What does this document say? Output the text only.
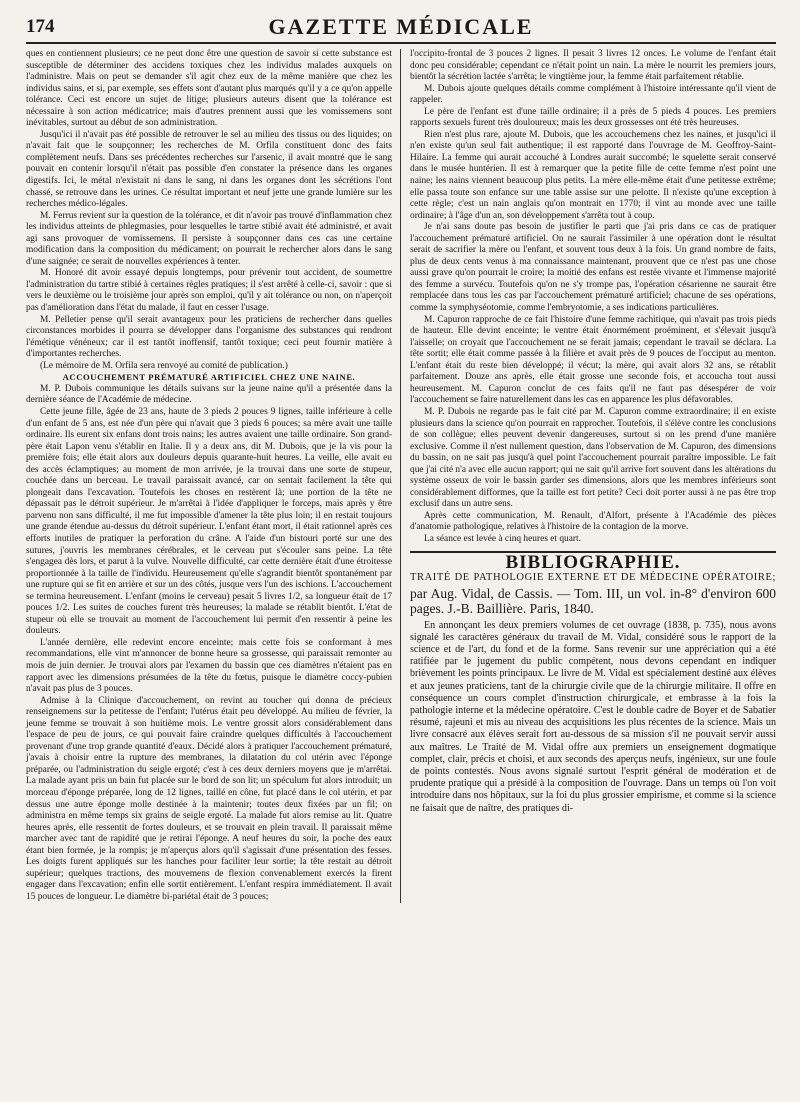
174	GAZETTE MÉDICALE

ques en contiennent plusieurs; ce ne peut donc être une question de savoir si cette substance est susceptible de déterminer des accidens toxiques chez les individus malades auxquels on l'administre. Mais on peut se demander s'il agit chez eux de la même manière que chez les individus sains, et si, par exemple, ses effets sont d'autant plus marqués qu'il y a ce qu'on appelle tolérance. Ceci est encore un sujet de litige; plusieurs auteurs disent que la tolérance est nécessaire à son action médicatrice; mais d'autres prennent aussi que les vomissemens sont inévitables, surtout au début de son administration.

Jusqu'ici il n'avait pas été possible de retrouver le sel au milieu des tissus ou des liquides; on n'avait fait que le soupçonner; les recherches de M. Orfila constituent donc des faits complètement neufs. Dans ses précédentes recherches sur l'arsenic, il avait montré que le sang pouvait en contenir lorsqu'il n'était pas possible d'en constater la présence dans les organes digestifs. Ici, le métal n'existait ni dans le sang, ni dans les organes dont les sécrétions l'ont chassé, se retrouve dans les urines. Ce résultat important et neuf jette une grande lumière sur les recherches médico-légales.

M. Ferrus revient sur la question de la tolérance, et dit n'avoir pas trouvé d'inflammation chez les individus atteints de phlegmasies, pour lesquelles le tartre stibié avait été administré, et avait agi sans provoquer de vomissemens. Il persiste à soupçonner dans ces cas une certaine modification dans la composition du médicament; on pourrait le rechercher alors dans le sang d'une saignée; ce serait de nouvelles expériences à tenter.

M. Honoré dit avoir essayé depuis longtemps, pour prévenir tout accident, de soumettre l'administration du tartre stibié à certaines règles pratiques; il s'est arrêté à celle-ci, savoir : que si vers le deuxième ou le troisième jour après son emploi, qu'il y ait tolérance ou non, on n'aperçoit pas d'amélioration dans l'état du malade, il faut en cesser l'usage.

M. Pelletier pense qu'il serait avantageux pour les praticiens de rechercher dans quelles circonstances morbides il pourra se développer dans l'organisme des substances qui rendront l'émétique vénéneux; car il est tantôt inoffensif, tantôt toxique; ceci peut fournir matière à d'importantes recherches.

(Le mémoire de M. Orfila sera renvoyé au comité de publication.)

ACCOUCHEMENT PRÉMATURÉ ARTIFICIEL CHEZ UNE NAINE.

M. P. Dubois communique les détails suivans sur la jeune naine qu'il a présentée dans la dernière séance de l'Académie de médecine.

Cette jeune fille, âgée de 23 ans, haute de 3 pieds 2 pouces 9 lignes, taille inférieure à celle d'un enfant de 5 ans, est née d'un père qui n'avait que 3 pieds 6 pouces; sa mère avait une taille ordinaire. Ils eurent six enfans dont trois nains; les autres avaient une taille ordinaire. Son grand-père était Lapon venu s'établir en Italie. Il y a deux ans, dit M. Dubois, que je la vis pour la première fois; elle était alors aux douleurs depuis quarante-huit heures. La veille, elle avait eu des accès éclamptiques; au moment de mon arrivée, je la trouvai dans une sorte de stupeur, couchée dans un berceau. Le travail paraissait avancé, car on sentait facilement la tête qui plongeait dans l'excavation. Toutefois les choses en restèrent là; une portion de la tête ne dépassait pas le détroit supérieur. Je m'arrêtai à l'idée d'appliquer le forceps, mais après y être parvenu non sans difficulté, il me fut impossible d'amener la tête plus loin; il en restait toujours une grande étendue au-dessus du détroit supérieur. L'enfant étant mort, il était rationnel après ces efforts inutiles de pratiquer la perforation du crâne. A l'aide d'un bistouri porté sur une des sutures, j'ouvris les membranes cérébrales, et le cerveau put s'écouler sans peine. La tête s'engagea dès lors, et parut à la vulve. Nouvelle difficulté, car cette dernière était d'une étroitesse proportionnée à la taille de l'individu. Heureusement qu'elle s'agrandit bientôt spontanément par une rupture qui se fit en arrière et sur un des côtés, jusque vers l'un des ischions. L'accouchement se termina heureusement. L'enfant (moins le cerveau) pesait 5 livres 1/2, sa longueur était de 17 pouces 1/2. Les suites de couches furent très heureuses; la malade se rétablit bientôt. L'état de stupeur où elle se trouvait au moment de l'accouchement lui permit d'en ressentir à peine les douleurs.

L'année dernière, elle redevint encore enceinte; mais cette fois se conformant à mes recommandations, elle vint m'annoncer de bonne heure sa grossesse, qui paraissait remonter au mois de juin dernier. Je trouvai alors par l'examen du bassin que ces diamètres n'étaient pas en rapport avec les dimensions présumées de la tête du fœtus, puisque le diamètre coccy-pubien n'avait pas plus de 3 pouces.

Admise à la Clinique d'accouchement, on revint au toucher qui donna de précieux renseignemens sur la petitesse de l'enfant; l'utérus était peu développé. Au milieu de février, la jeune femme se trouvait à son huitième mois. Le ventre grossit alors considérablement dans l'espace de peu de jours, ce qui pouvait faire craindre quelques difficultés à l'accouchement provenant d'une trop grande quantité d'eaux. Décidé alors à pratiquer l'accouchement prématuré, j'avais à choisir entre la rupture des membranes, la dilatation du col utérin avec l'éponge préparée, ou l'administration du seigle ergoté; c'est à ces deux derniers moyens que je m'arrêtai. La malade ayant pris un bain fut placée sur le bord de son lit; un spéculum fut alors introduit; un morceau d'éponge préparée, long de 12 lignes, taillé en cône, fut placé dans le col utérin, et par dessus une autre éponge molle destinée à la maintenir; toutes deux fixées par un fil; on administra en même temps six grains de seigle ergoté. La malade fut alors remise au lit. Quatre heures après, elle ressentit de fortes douleurs, et se trouvait en plein travail. Il paraissait même marcher avec tant de rapidité que je retirai l'éponge. A neuf heures du soir, la poche des eaux étant bien formée, je la rompis; je m'aperçus alors qu'il s'agissait d'une présentation des fesses. Les doigts furent appliqués sur les hanches pour faciliter leur sortie; la tête restait au détroit supérieur; quelques tractions, des mouvemens de flexion convenablement exercés la firent engager dans l'excavation; enfin elle sortit entièrement. L'enfant respira immédiatement. Il avait 15 pouces de longueur. Le diamètre bi-pariétal était de 3 pouces;

l'occipito-frontal de 3 pouces 2 lignes. Il pesait 3 livres 12 onces. Le volume de l'enfant était donc peu considérable; cependant ce n'était point un nain. La mère le nourrit les premiers jours, bientôt la sécrétion lactée s'arrêta; le vingtième jour, la femme était parfaitement rétablie.

M. Dubois ajoute quelques détails comme complément à l'histoire intéressante qu'il vient de rappeler.

Le père de l'enfant est d'une taille ordinaire; il a près de 5 pieds 4 pouces. Les premiers rapports sexuels furent très douloureux; mais les deux grossesses ont été très heureuses.

Rien n'est plus rare, ajoute M. Dubois, que les accouchemens chez les naines, et jusqu'ici il n'en existe qu'un seul fait authentique; il est rapporté dans l'ouvrage de M. Geoffroy-Saint-Hilaire. La femme qui aurait accouché à Londres aurait succombé; le squelette serait conservé dans le musée huntérien. Il est à remarquer que la petite fille de cette femme n'est point une naine; les nains viennent beaucoup plus petits. La mère elle-même était d'une petitesse extrême; elle passa toute son enfance sur une table assise sur une pelotte. Il n'existe qu'une exception à cette règle; c'est un nain anglais qu'on montrait en 1770; il vint au monde avec une taille ordinaire; à l'âge d'un an, son développement s'arrêta tout à coup.

Je n'ai sans doute pas besoin de justifier le parti que j'ai pris dans ce cas de pratiquer l'accouchement prématuré artificiel. On ne saurait l'assimiler à une opération dont le résultat serait de sacrifier la mère ou l'enfant, et souvent tous deux à la fois. Un grand nombre de faits, plus de deux cents venus à ma connaissance maintenant, prouvent que ce n'est pas une chose aussi grave qu'on pourrait le croire; la moitié des enfans est restée vivante et l'immense majorité des femme a survécu. Toutefois qu'on ne s'y trompe pas, l'opération césarienne ne saurait être remplacée dans tous les cas par l'accouchement prématuré artificiel; chacune de ses opérations, comme la symphyséotomie, comme l'embryotomie, a ses indications particulières.

M. Capuron rapproche de ce fait l'histoire d'une femme rachitique, qui n'avait pas trois pieds de hauteur. Elle devint enceinte; le ventre était énormément proéminent, et s'élevait jusqu'à l'aisselle; on croyait que l'accouchement ne se ferait jamais; cependant le travail se déclara. La tête sortit; elle était comme passée à la filière et avait près de 9 pouces de l'occiput au menton. L'enfant était du reste bien développé; il vécut; la mère, qui avait alors 32 ans, se rétablit parfaitement. Douze ans après, elle était grosse une seconde fois, et accoucha tout aussi heureusement. M. Capuron conclut de ces faits qu'il ne faut pas désespérer de voir l'accouchement se faire naturellement dans les cas en apparence les plus défavorables.

M. P. Dubois ne regarde pas le fait cité par M. Capuron comme extraordinaire; il en existe plusieurs dans la science qu'on pourrait en rapprocher. Toutefois, il s'élève contre les conclusions de son collègue; elles peuvent devenir dangereuses, surtout si on les prend d'une manière exclusive. Comme il n'est nullement question, dans l'observation de M. Capuron, des dimensions du bassin, on ne sait pas jusqu'à quel point l'accouchement pourrait paraître impossible. Le fait que j'ai cité n'a avec elle aucun rapport; qui ne sait qu'il arrive fort souvent dans les altérations du système osseux de voir le bassin garder ses dimensions, alors que les membres inférieurs sont considérablement difformes, que la taille est fort petite? Ceci doit porter aussi à ne pas être trop exclusif dans un autre sens.

Après cette communication, M. Renault, d'Alfort, présente à l'Académie des pièces d'anatomie pathologique, relatives à l'histoire de la contagion de la morve.

La séance est levée à cinq heures et quart.

BIBLIOGRAPHIE.

TRAITÉ DE PATHOLOGIE EXTERNE ET DE MÉDECINE OPÉRATOIRE; par Aug. Vidal, de Cassis. — Tom. III, un vol. in-8° d'environ 600 pages. J.-B. Baillière. Paris, 1840.

En annonçant les deux premiers volumes de cet ouvrage (1838, p. 735), nous avons signalé les caractères généraux du travail de M. Vidal, considéré sous le rapport de la science et de l'art, du fond et de la forme. Sans revenir sur une appréciation qui a été ratifiée par le jugement du public compétent, nous devons cependant en indiquer brièvement les points principaux. Le livre de M. Vidal est spécialement destiné aux élèves et aux jeunes praticiens, tant de la chirurgie civile que de la chirurgie militaire. Il offre en conséquence un cours complet d'instruction chirurgicale, et embrasse à la fois la pathologie interne et la médecine opératoire. C'est le double cadre de Boyer et de Sabatier résumé, rajeuni et mis au niveau des acquisitions les plus récentes de la science. Mais un livre consacré aux élèves serait fort au-dessous de sa mission s'il ne pouvait servir aussi aux maîtres. Le Traité de M. Vidal offre aux premiers un enseignement dogmatique complet, clair, précis et choisi, et aux seconds des aperçus neufs, ingénieux, sur une foule de points contestés. Nous avons signalé surtout l'esprit général de modération et de prudente pratique qui a présidé à la composition de l'ouvrage. Dans un temps où l'on voit introduire dans nos hôpitaux, sur la foi du plus grossier empirisme, et comme si la science ne faisait que de naître, des pratiques di-
